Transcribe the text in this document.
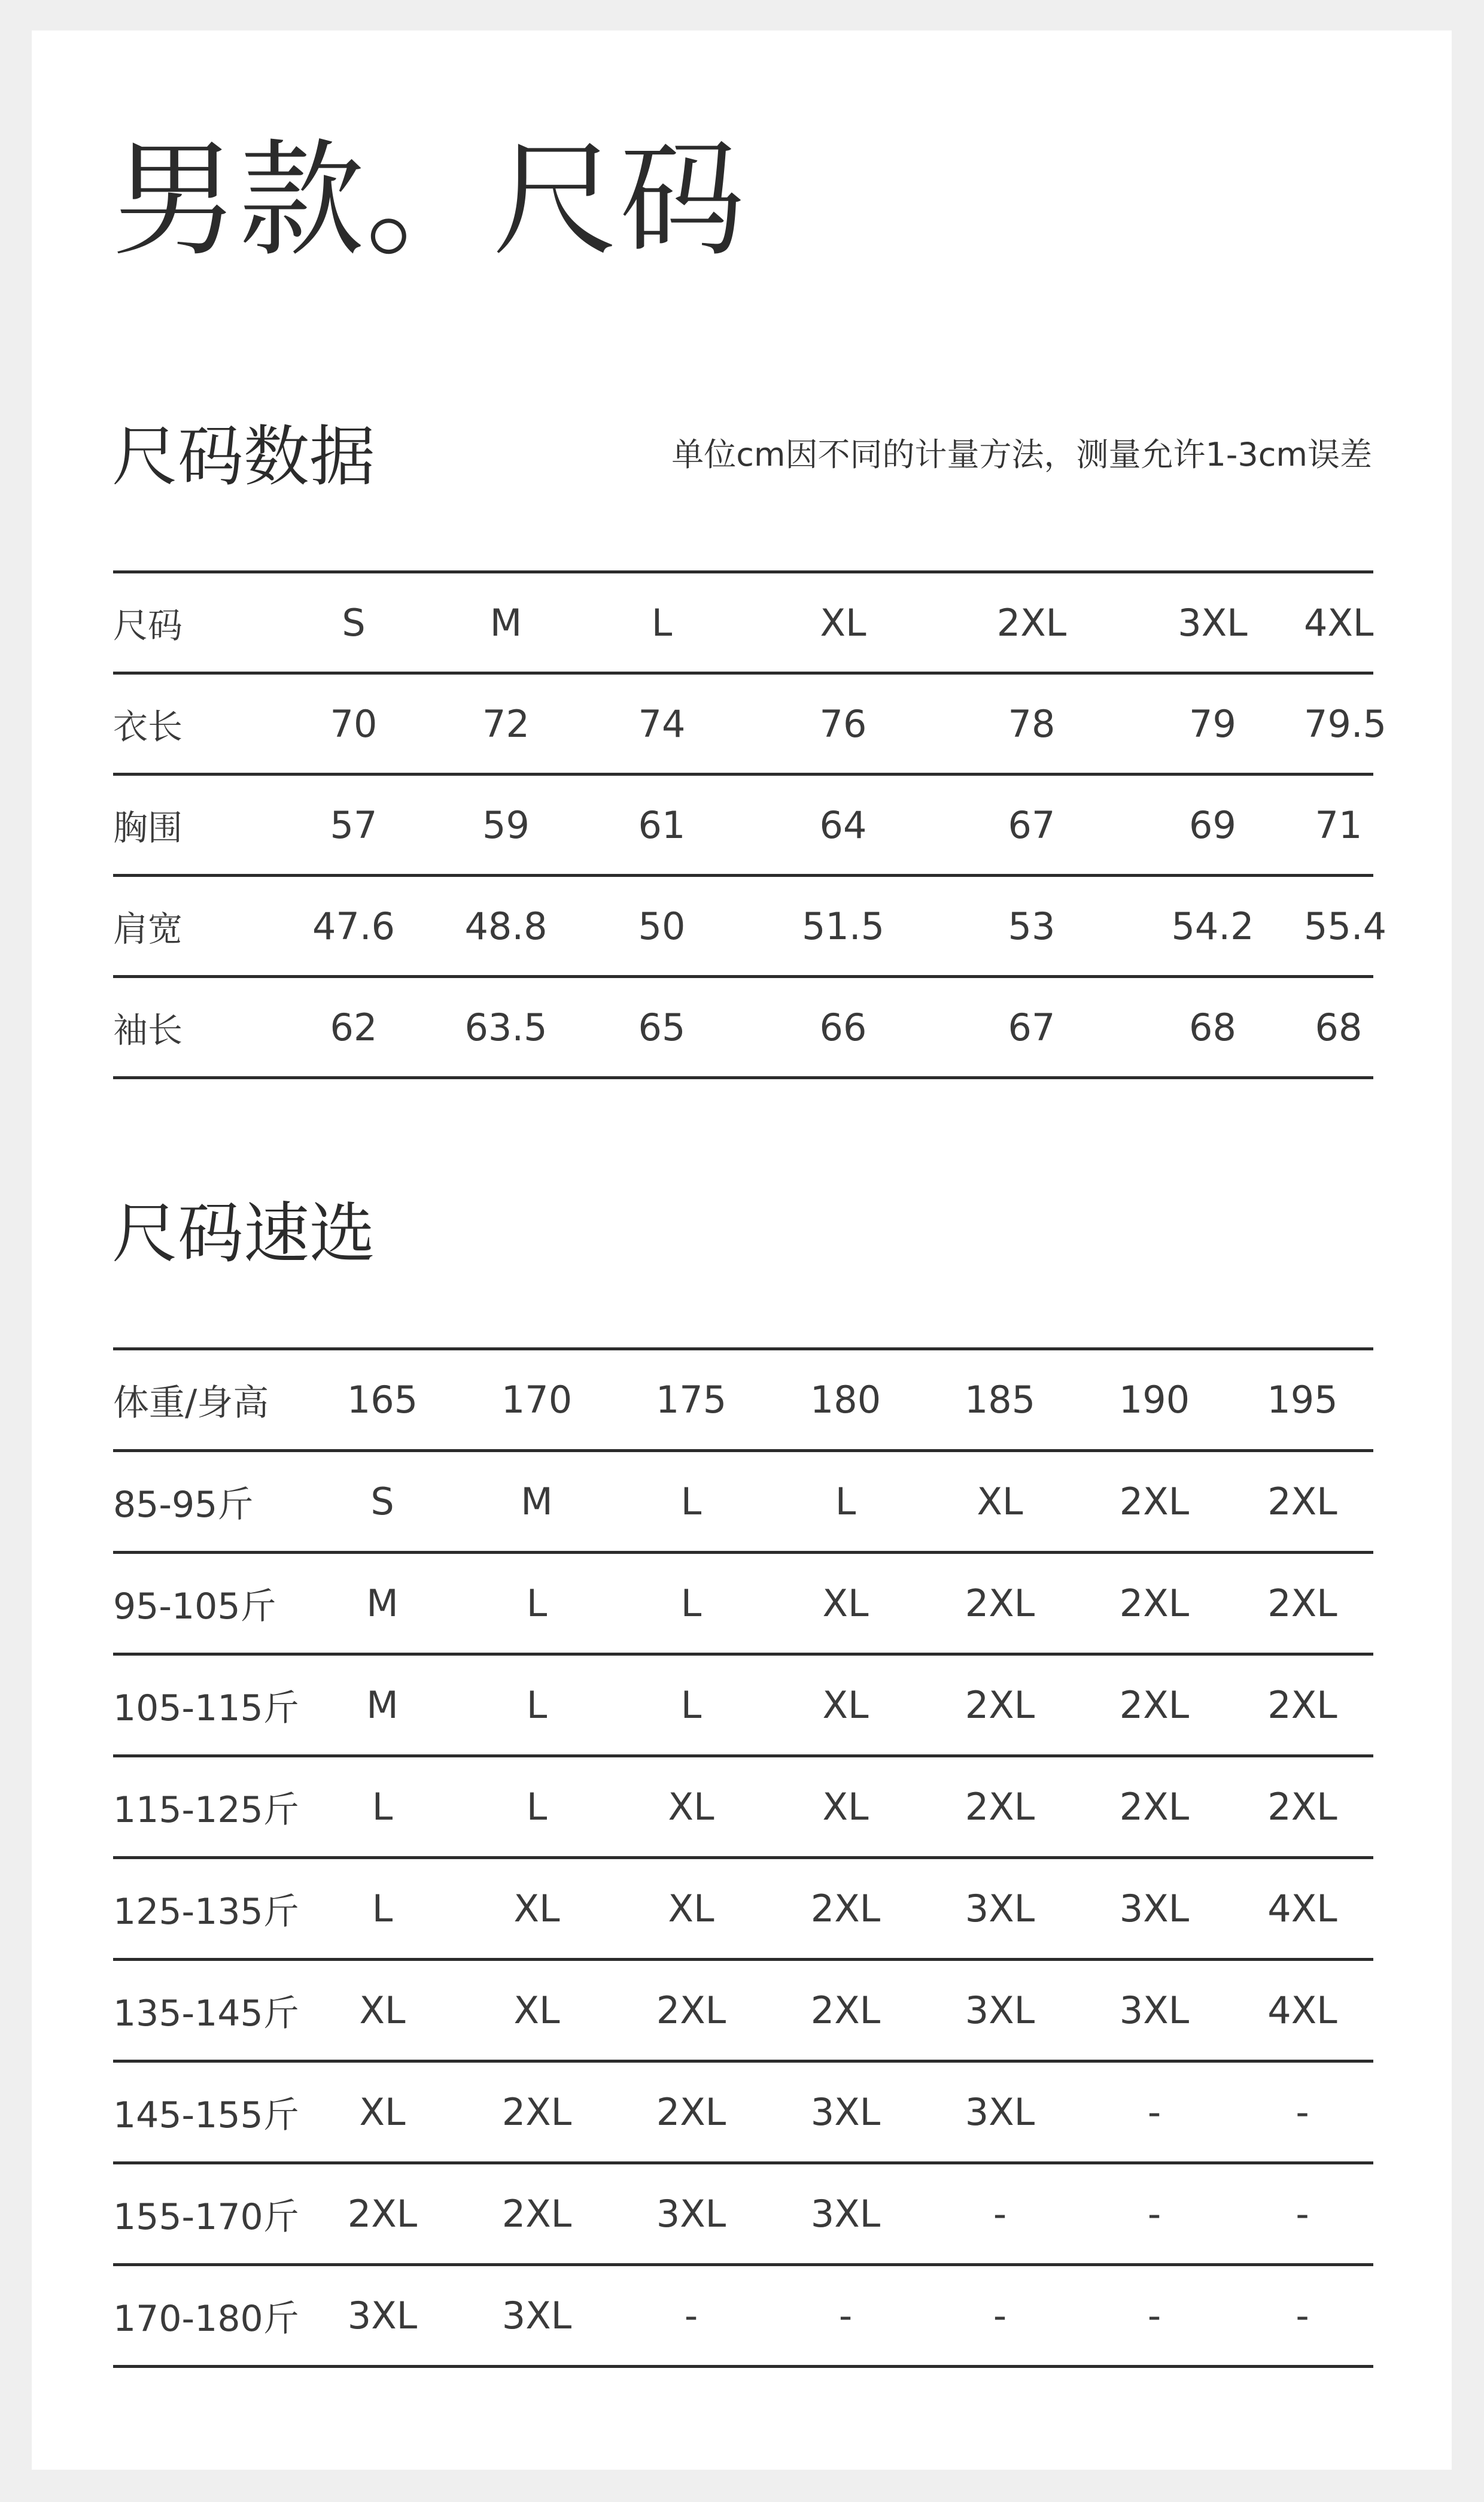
男款。尺码
尺码数据	单位cm因不同的计量方法，测量允许1-3cm误差
尺码	S	M	L	XL	2XL	3XL	4XL
衣长	70	72	74	76	78	79	79.5
胸围	57	59	61	64	67	69	71
肩宽	47.6	48.8	50	51.5	53	54.2	55.4
袖长	62	63.5	65	66	67	68	68
尺码速选
体重/身高	165	170	175	180	185	190	195
85-95斤	S	M	L	L	XL	2XL	2XL
95-105斤	M	L	L	XL	2XL	2XL	2XL
105-115斤	M	L	L	XL	2XL	2XL	2XL
115-125斤	L	L	XL	XL	2XL	2XL	2XL
125-135斤	L	XL	XL	2XL	3XL	3XL	4XL
135-145斤	XL	XL	2XL	2XL	3XL	3XL	4XL
145-155斤	XL	2XL	2XL	3XL	3XL	-	-
155-170斤	2XL	2XL	3XL	3XL	-	-	-
170-180斤	3XL	3XL	-	-	-	-	-
